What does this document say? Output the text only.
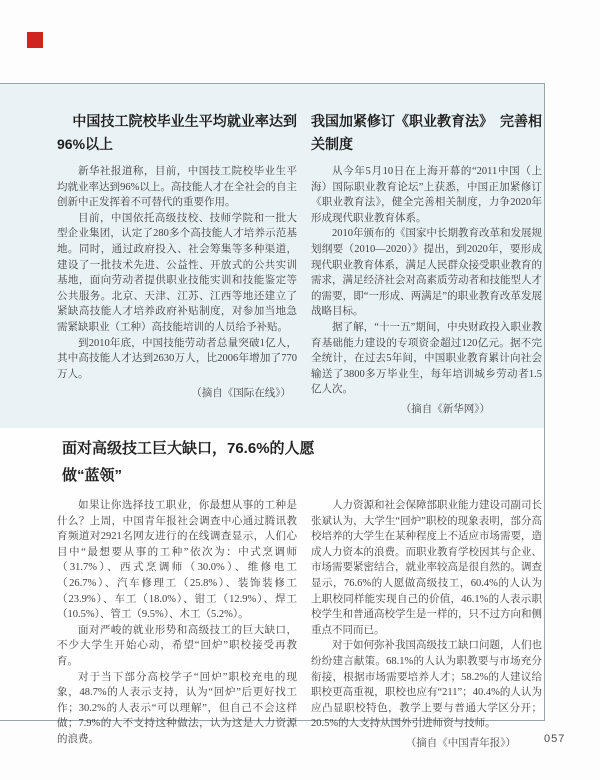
中国技工院校毕业生平均就业率达到96%以上

新华社报道称，目前，中国技工院校毕业生平均就业率达到96%以上。高技能人才在全社会的自主创新中正发挥着不可替代的重要作用。

目前，中国依托高级技校、技师学院和一批大型企业集团，认定了280多个高技能人才培养示范基地。同时，通过政府投入、社会筹集等多种渠道，建设了一批技术先进、公益性、开放式的公共实训基地，面向劳动者提供职业技能实训和技能鉴定等公共服务。北京、天津、江苏、江西等地还建立了紧缺高技能人才培养政府补贴制度，对参加当地急需紧缺职业（工种）高技能培训的人员给予补贴。

到2010年底，中国技能劳动者总量突破1亿人，其中高技能人才达到2630万人，比2006年增加了770万人。

（摘自《国际在线》）

我国加紧修订《职业教育法》　完善相关制度

从今年5月10日在上海开幕的“2011中国（上海）国际职业教育论坛”上获悉，中国正加紧修订《职业教育法》，健全完善相关制度，力争2020年形成现代职业教育体系。

2010年颁布的《国家中长期教育改革和发展规划纲要（2010—2020）》提出，到2020年，要形成现代职业教育体系，满足人民群众接受职业教育的需求，满足经济社会对高素质劳动者和技能型人才的需要，即“一形成、两满足”的职业教育改革发展战略目标。

据了解，“十一五”期间，中央财政投入职业教育基础能力建设的专项资金超过120亿元。据不完全统计，在过去5年间，中国职业教育累计向社会输送了3800多万毕业生，每年培训城乡劳动者1.5亿人次。

（摘自《新华网》）

面对高级技工巨大缺口，76.6%的人愿做“蓝领”

如果让你选择技工职业，你最想从事的工种是什么？上周，中国青年报社会调查中心通过腾讯教育频道对2921名网友进行的在线调查显示，人们心目中“最想要从事的工种”依次为：中式烹调师（31.7%）、西式烹调师（30.0%）、维修电工（26.7%）、汽车修理工（25.8%）、装饰装修工（23.9%）、车工（18.0%）、钳工（12.9%）、焊工（10.5%）、管工（9.5%）、木工（5.2%）。

面对严峻的就业形势和高级技工的巨大缺口，不少大学生开始心动，希望“回炉”职校接受再教育。

对于当下部分高校学子“回炉”职校充电的现象，48.7%的人表示支持，认为“回炉”后更好找工作；30.2%的人表示“可以理解”，但自己不会这样做；7.9%的人不支持这种做法，认为这是人力资源的浪费。

人力资源和社会保障部职业能力建设司副司长张斌认为，大学生“回炉”职校的现象表明，部分高校培养的大学生在某种程度上不适应市场需要，造成人力资本的浪费。而职业教育学校因其与企业、市场需要紧密结合，就业率较高是很自然的。调查显示，76.6%的人愿做高级技工，60.4%的人认为上职校同样能实现自己的价值，46.1%的人表示职校学生和普通高校学生是一样的，只不过方向和侧重点不同而已。

对于如何弥补我国高级技工缺口问题，人们也纷纷建言献策。68.1%的人认为职教要与市场充分衔接，根据市场需要培养人才；58.2%的人建议给职校更高重视，职校也应有“211”；40.4%的人认为应凸显职校特色，教学上要与普通大学区分开；20.5%的人支持从国外引进师资与技师。

（摘自《中国青年报》）	057
